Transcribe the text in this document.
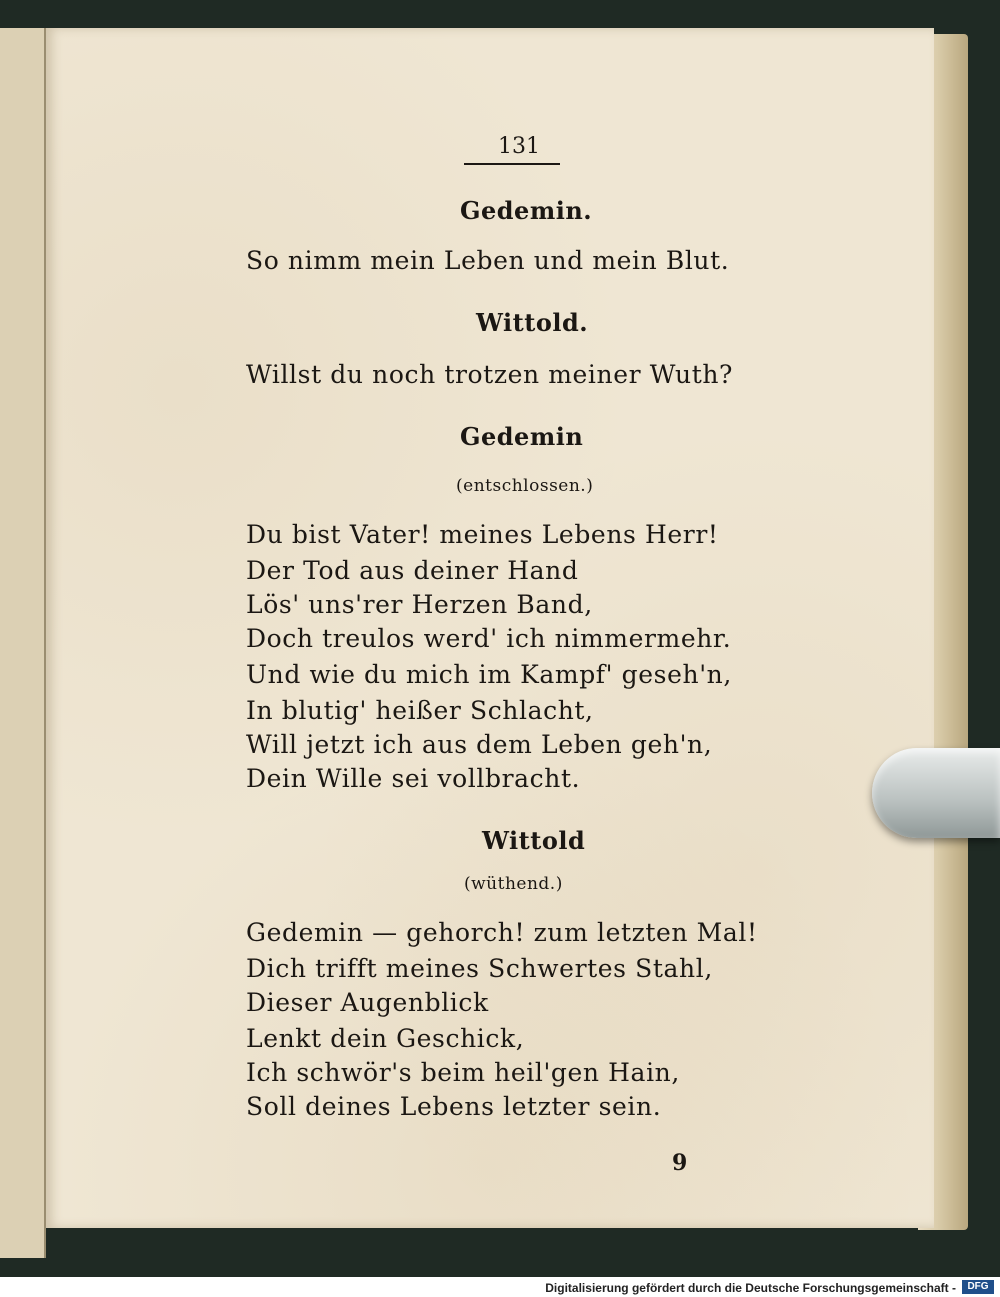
131
Gedemin.
So nimm mein Leben und mein Blut.
Wittold.
Willst du noch trotzen meiner Wuth?
Gedemin
(entschlossen.)
Du bist Vater! meines Lebens Herr!
Der Tod aus deiner Hand
Lös' uns'rer Herzen Band,
Doch treulos werd' ich nimmermehr.
Und wie du mich im Kampf' geseh'n,
In blutig' heißer Schlacht,
Will jetzt ich aus dem Leben geh'n,
Dein Wille sei vollbracht.
Wittold
(wüthend.)
Gedemin — gehorch! zum letzten Mal!
Dich trifft meines Schwertes Stahl,
Dieser Augenblick
Lenkt dein Geschick,
Ich schwör's beim heil'gen Hain,
Soll deines Lebens letzter sein.
9
Digitalisierung gefördert durch die Deutsche Forschungsgemeinschaft -	DFG
